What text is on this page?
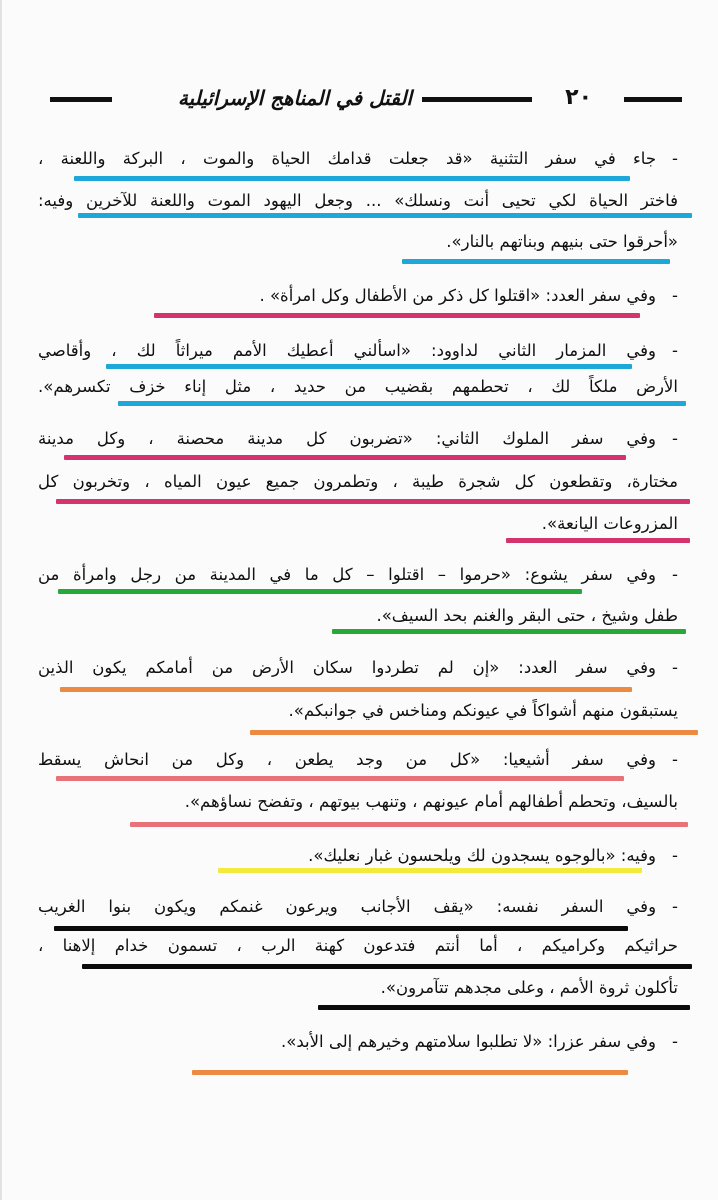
٢٠
القتل في المناهج الإسرائيلية
-جاء في سفر التثنية «قد جعلت قدامك الحياة والموت ، البركة واللعنة ،
فاختر الحياة لكي تحيى أنت ونسلك» ... وجعل اليهود الموت واللعنة للآخرين وفيه:
«أحرقوا حتى بنيهم وبناتهم بالنار».
-وفي سفر العدد: «اقتلوا كل ذكر من الأطفال وكل امرأة» .
-وفي المزمار الثاني لداوود: «اسألني أعطيك الأمم ميراثاً لك ، وأقاصي
الأرض ملكاً لك ، تحطمهم بقضيب من حديد ، مثل إناء خزف تكسرهم».
-وفي سفر الملوك الثاني: «تضربون كل مدينة محصنة ، وكل مدينة
مختارة، وتقطعون كل شجرة طيبة ، وتطمرون جميع عيون المياه ، وتخربون كل
المزروعات اليانعة».
-وفي سفر يشوع: «حرموا – اقتلوا – كل ما في المدينة من رجل وامرأة من
طفل وشيخ ، حتى البقر والغنم بحد السيف».
-وفي سفر العدد: «إن لم تطردوا سكان الأرض من أمامكم يكون الذين
يستبقون منهم أشواكاً في عيونكم ومناخس في جوانبكم».
-وفي سفر أشيعيا: «كل من وجد يطعن ، وكل من انحاش يسقط
بالسيف، وتحطم أطفالهم أمام عيونهم ، وتنهب بيوتهم ، وتفضح نساؤهم».
-وفيه: «بالوجوه يسجدون لك ويلحسون غبار نعليك».
-وفي السفر نفسه: «يقف الأجانب ويرعون غنمكم ويكون بنوا الغريب
حراثيكم وكراميكم ، أما أنتم فتدعون كهنة الرب ، تسمون خدام إلاهنا ،
تأكلون ثروة الأمم ، وعلى مجدهم تتآمرون».
-وفي سفر عزرا: «لا تطلبوا سلامتهم وخيرهم إلى الأبد».
